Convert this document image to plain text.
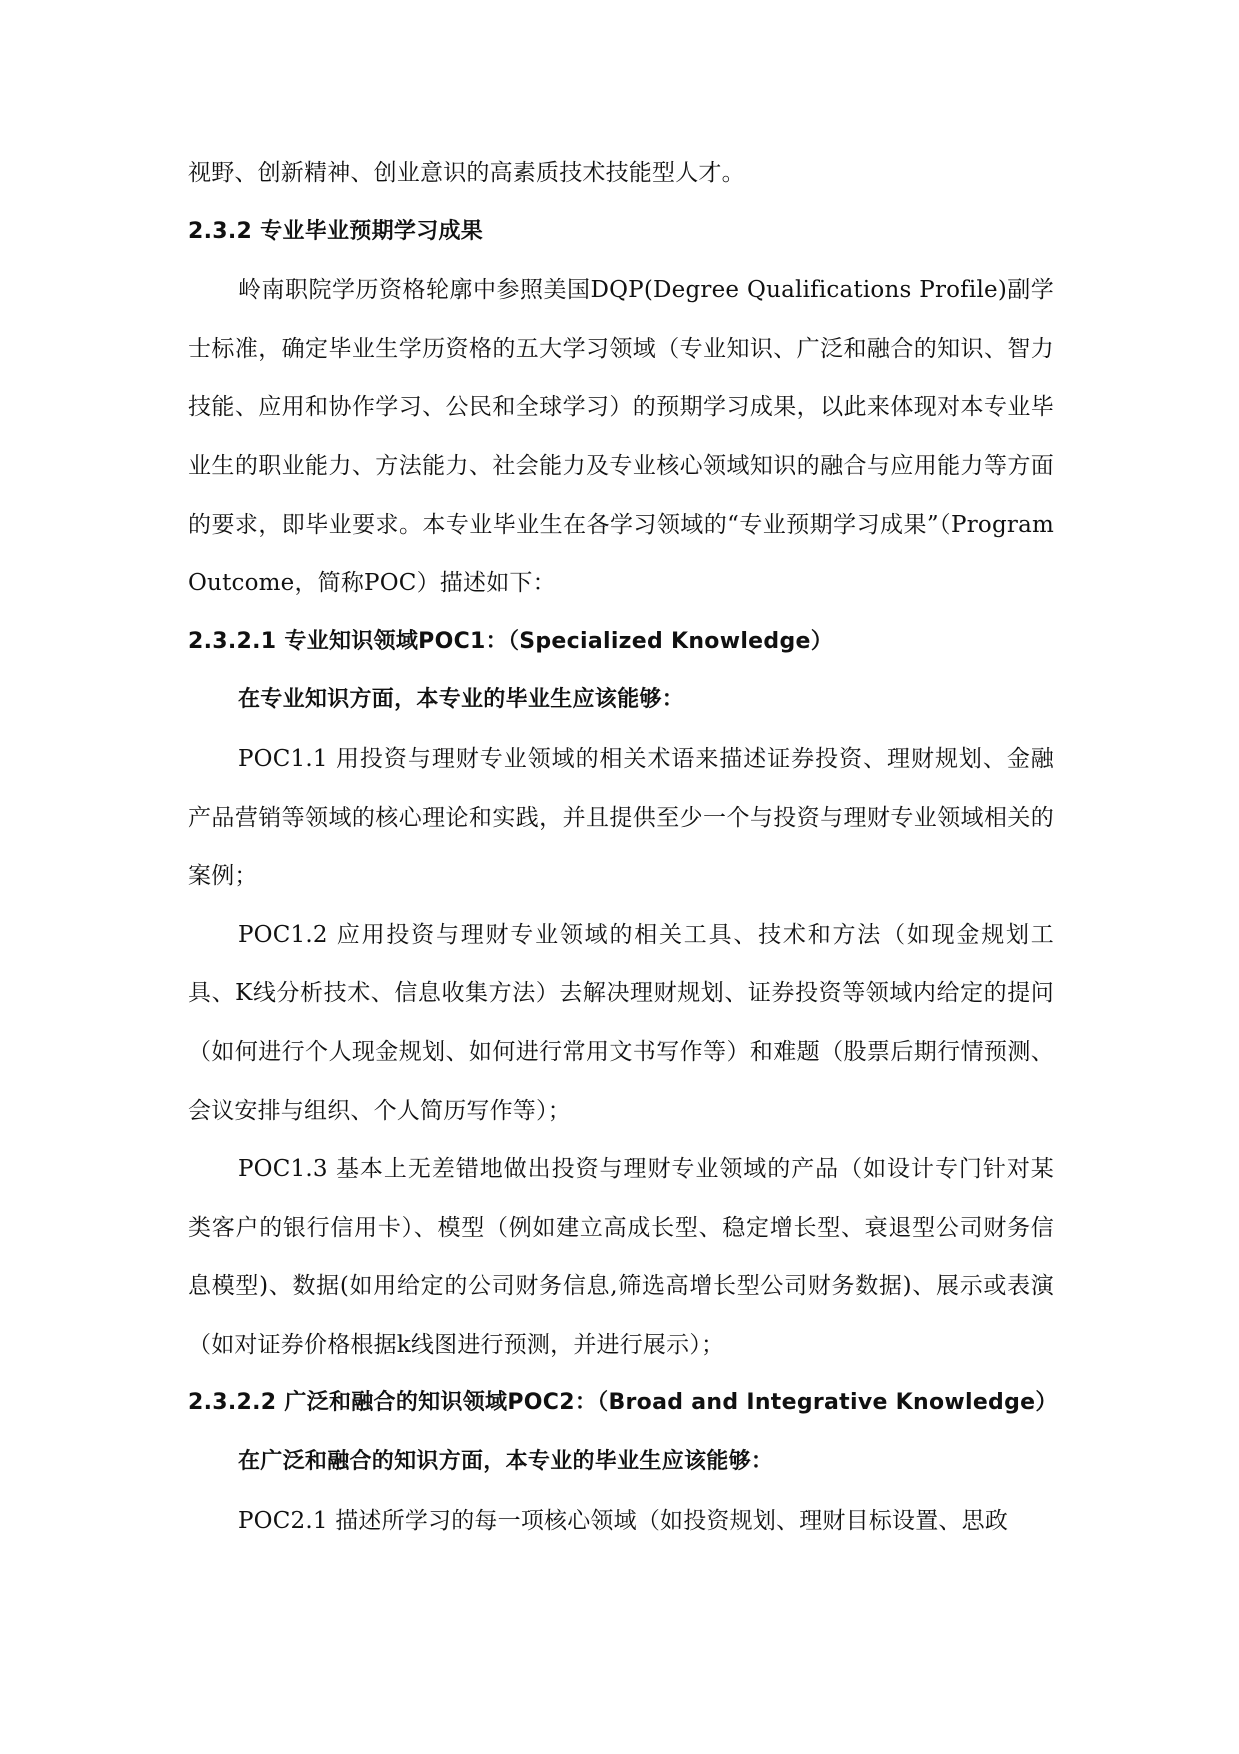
视野、创新精神、创业意识的高素质技术技能型人才。

2.3.2 专业毕业预期学习成果

岭南职院学历资格轮廓中参照美国DQP(Degree Qualifications Profile)副学士标准，确定毕业生学历资格的五大学习领域（专业知识、广泛和融合的知识、智力技能、应用和协作学习、公民和全球学习）的预期学习成果，以此来体现对本专业毕业生的职业能力、方法能力、社会能力及专业核心领域知识的融合与应用能力等方面的要求，即毕业要求。本专业毕业生在各学习领域的“专业预期学习成果”（Program Outcome，简称POC）描述如下：

2.3.2.1 专业知识领域POC1：（Specialized Knowledge）

在专业知识方面，本专业的毕业生应该能够：

POC1.1 用投资与理财专业领域的相关术语来描述证券投资、理财规划、金融产品营销等领域的核心理论和实践，并且提供至少一个与投资与理财专业领域相关的案例；

POC1.2 应用投资与理财专业领域的相关工具、技术和方法（如现金规划工具、K线分析技术、信息收集方法）去解决理财规划、证券投资等领域内给定的提问（如何进行个人现金规划、如何进行常用文书写作等）和难题（股票后期行情预测、会议安排与组织、个人简历写作等）；

POC1.3 基本上无差错地做出投资与理财专业领域的产品（如设计专门针对某类客户的银行信用卡）、模型（例如建立高成长型、稳定增长型、衰退型公司财务信息模型)、数据(如用给定的公司财务信息,筛选高增长型公司财务数据)、展示或表演（如对证券价格根据k线图进行预测，并进行展示）；

2.3.2.2 广泛和融合的知识领域POC2：（Broad and Integrative Knowledge）

在广泛和融合的知识方面，本专业的毕业生应该能够：

POC2.1 描述所学习的每一项核心领域（如投资规划、理财目标设置、思政
